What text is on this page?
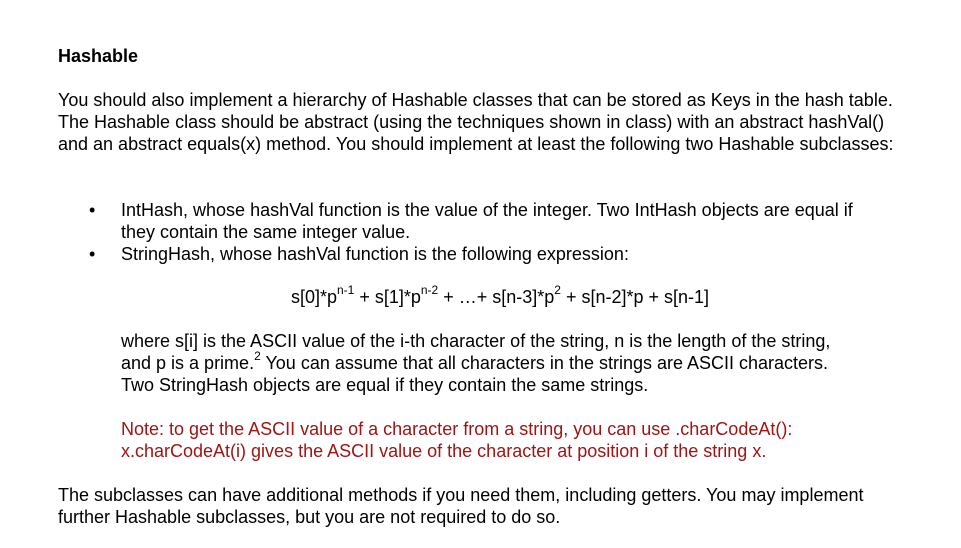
Hashable
You should also implement a hierarchy of Hashable classes that can be stored as Keys in the hash table. The Hashable class should be abstract (using the techniques shown in class) with an abstract hashVal() and an abstract equals(x) method. You should implement at least the following two Hashable subclasses:
• IntHash, whose hashVal function is the value of the integer. Two IntHash objects are equal if they contain the same integer value.
• StringHash, whose hashVal function is the following expression:
$s[0]*p^{n-1} + s[1]*p^{n-2}$ + …+ $s[n-3]*p^2 + s[n-2]*p + s[n-1]$
where s[i] is the ASCII value of the i-th character of the string, n is the length of the string, and p is a prime.$^2$ You can assume that all characters in the strings are ASCII characters. Two StringHash objects are equal if they contain the same strings.
Note: to get the ASCII value of a character from a string, you can use .charCodeAt(): x.charCodeAt(i) gives the ASCII value of the character at position i of the string x.
The subclasses can have additional methods if you need them, including getters. You may implement further Hashable subclasses, but you are not required to do so.
